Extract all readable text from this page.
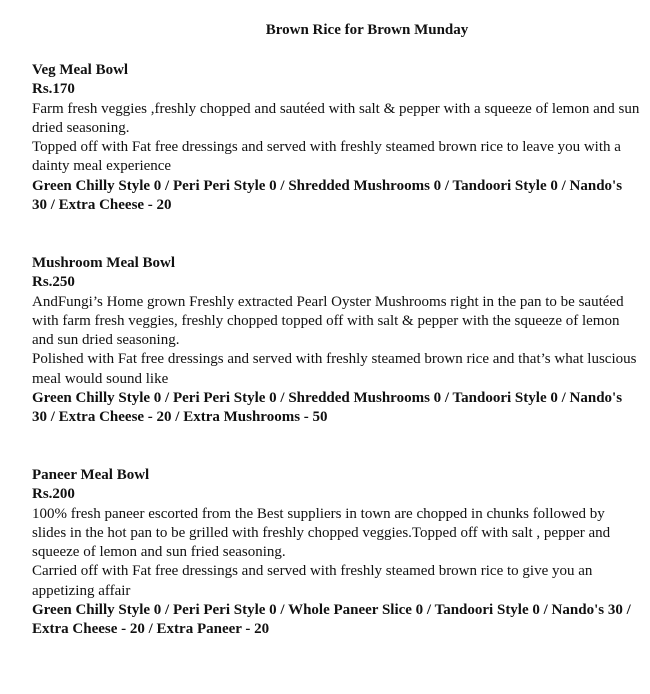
Brown Rice for Brown Munday

Veg Meal Bowl

Rs.170

Farm fresh veggies ,freshly chopped and sautéed with salt & pepper with a squeeze of lemon and sun dried seasoning.

Topped off with Fat free dressings and served with freshly steamed brown rice to leave you with a dainty meal experience

Green Chilly Style 0 / Peri Peri Style 0 / Shredded Mushrooms 0 / Tandoori Style 0 / Nando's 30 / Extra Cheese - 20

Mushroom Meal Bowl

Rs.250

AndFungi’s Home grown Freshly extracted Pearl Oyster Mushrooms right in the pan to be sautéed with farm fresh veggies, freshly chopped topped off with salt & pepper with the squeeze of lemon and sun dried seasoning.

Polished with Fat free dressings and served with freshly steamed brown rice and that’s what luscious meal would sound like

Green Chilly Style 0 / Peri Peri Style 0 / Shredded Mushrooms 0 / Tandoori Style 0 / Nando's 30 / Extra Cheese - 20 / Extra Mushrooms - 50

Paneer Meal Bowl

Rs.200

100% fresh paneer escorted from the Best suppliers in town are chopped in chunks followed by slides in the hot pan to be grilled with freshly chopped veggies.Topped off with salt , pepper and squeeze of lemon and sun fried seasoning.

Carried off with Fat free dressings and served with freshly steamed brown rice to give you an appetizing affair

Green Chilly Style 0 / Peri Peri Style 0 / Whole Paneer Slice 0 / Tandoori Style 0 / Nando's 30 / Extra Cheese - 20 / Extra Paneer - 20
